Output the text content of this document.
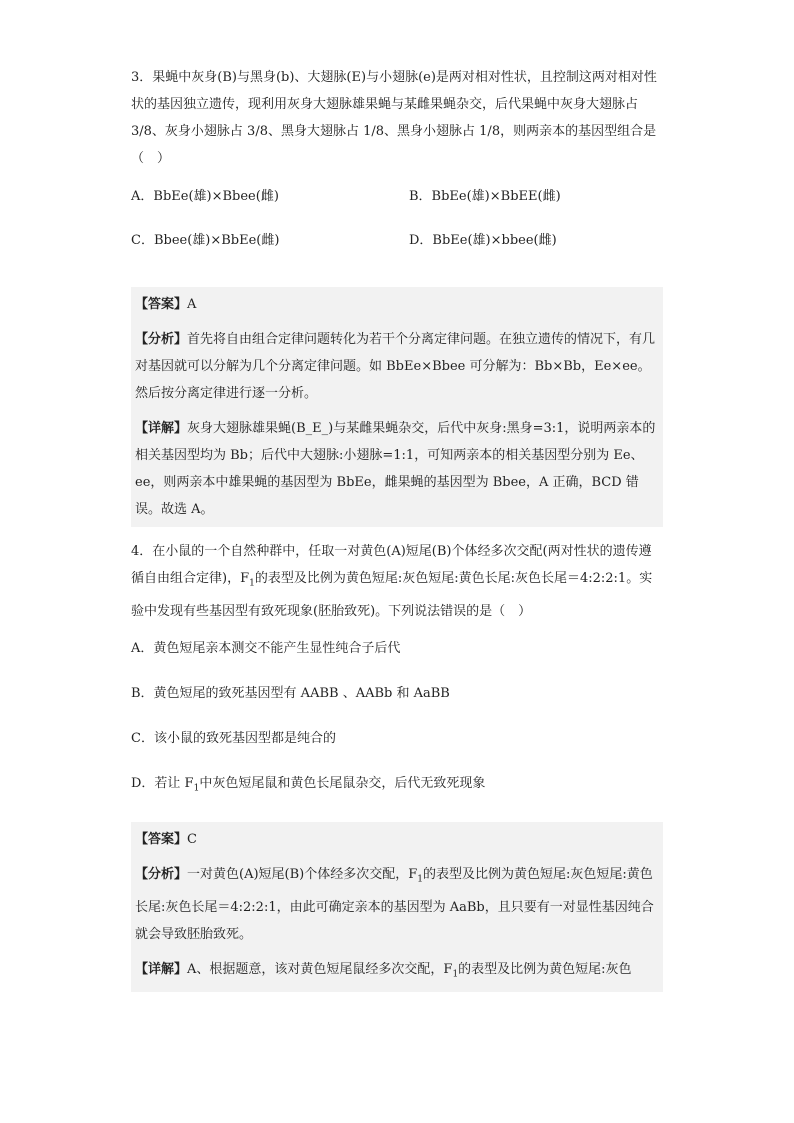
3．果蝇中灰身(B)与黑身(b)、大翅脉(E)与小翅脉(e)是两对相对性状，且控制这两对相对性状的基因独立遗传，现利用灰身大翅脉雄果蝇与某雌果蝇杂交，后代果蝇中灰身大翅脉占 3/8、灰身小翅脉占 3/8、黑身大翅脉占 1/8、黑身小翅脉占 1/8，则两亲本的基因型组合是（　）

A．BbEe(雄)×Bbee(雌)	B．BbEe(雄)×BbEE(雌)
C．Bbee(雄)×BbEe(雌)	D．BbEe(雄)×bbee(雌)

【答案】A

【分析】首先将自由组合定律问题转化为若干个分离定律问题。在独立遗传的情况下，有几对基因就可以分解为几个分离定律问题。如 BbEe×Bbee 可分解为：Bb×Bb，Ee×ee。然后按分离定律进行逐一分析。

【详解】灰身大翅脉雄果蝇(B_E_)与某雌果蝇杂交，后代中灰身:黑身=3:1，说明两亲本的相关基因型均为 Bb；后代中大翅脉:小翅脉=1:1，可知两亲本的相关基因型分别为 Ee、ee，则两亲本中雄果蝇的基因型为 BbEe，雌果蝇的基因型为 Bbee，A 正确，BCD 错误。故选 A。

4．在小鼠的一个自然种群中，任取一对黄色(A)短尾(B)个体经多次交配(两对性状的遗传遵循自由组合定律)，$F_1$的表型及比例为黄色短尾:灰色短尾:黄色长尾:灰色长尾＝4:2:2:1。实验中发现有些基因型有致死现象(胚胎致死)。下列说法错误的是（　）

A．黄色短尾亲本测交不能产生显性纯合子后代

B．黄色短尾的致死基因型有 AABB 、AABb 和 AaBB

C．该小鼠的致死基因型都是纯合的

D．若让 $F_1$中灰色短尾鼠和黄色长尾鼠杂交，后代无致死现象

【答案】C

【分析】一对黄色(A)短尾(B)个体经多次交配，$F_1$的表型及比例为黄色短尾:灰色短尾:黄色长尾:灰色长尾＝4:2:2:1，由此可确定亲本的基因型为 AaBb，且只要有一对显性基因纯合就会导致胚胎致死。

【详解】A、根据题意，该对黄色短尾鼠经多次交配，$F_1$的表型及比例为黄色短尾:灰色
